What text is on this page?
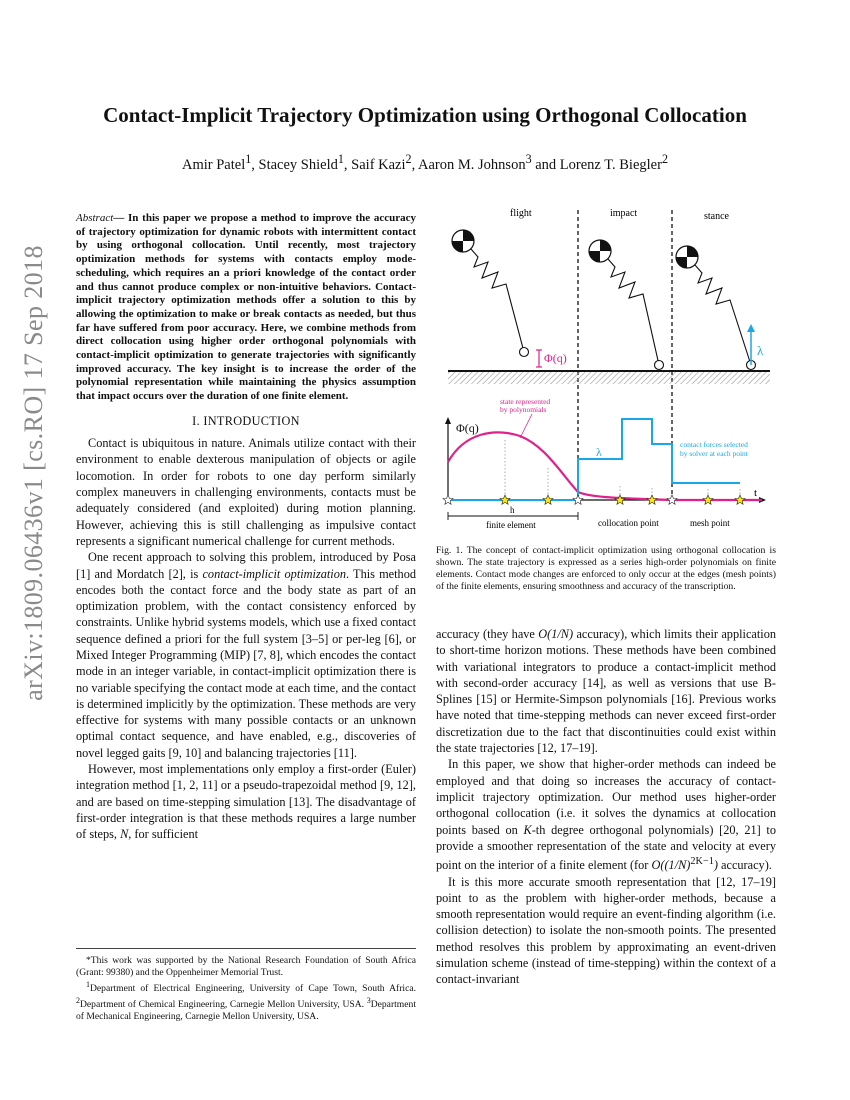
arXiv:1809.06436v1 [cs.RO] 17 Sep 2018
Contact-Implicit Trajectory Optimization using Orthogonal Collocation
Amir Patel$^1$, Stacey Shield$^1$, Saif Kazi$^2$, Aaron M. Johnson$^3$ and Lorenz T. Biegler$^2$
Abstract— In this paper we propose a method to improve the accuracy of trajectory optimization for dynamic robots with intermittent contact by using orthogonal collocation. Until recently, most trajectory optimization methods for systems with contacts employ mode-scheduling, which requires an a priori knowledge of the contact order and thus cannot produce complex or non-intuitive behaviors. Contact-implicit trajectory optimization methods offer a solution to this by allowing the optimization to make or break contacts as needed, but thus far have suffered from poor accuracy. Here, we combine methods from direct collocation using higher order orthogonal polynomials with contact-implicit optimization to generate trajectories with significantly improved accuracy. The key insight is to increase the order of the polynomial representation while maintaining the physics assumption that impact occurs over the duration of one finite element.
I. INTRODUCTION

Contact is ubiquitous in nature. Animals utilize contact with their environment to enable dexterous manipulation of objects or agile locomotion. In order for robots to one day perform similarly complex maneuvers in challenging environments, contacts must be adequately considered (and exploited) during motion planning. However, achieving this is still challenging as impulsive contact represents a significant numerical challenge for current methods.

One recent approach to solving this problem, introduced by Posa [1] and Mordatch [2], is contact-implicit optimization. This method encodes both the contact force and the body state as part of an optimization problem, with the contact consistency enforced by constraints. Unlike hybrid systems models, which use a fixed contact sequence defined a priori for the full system [3–5] or per-leg [6], or Mixed Integer Programming (MIP) [7, 8], which encodes the contact mode in an integer variable, in contact-implicit optimization there is no variable specifying the contact mode at each time, and the contact is determined implicitly by the optimization. These methods are very effective for systems with many possible contacts or an unknown optimal contact sequence, and have enabled, e.g., discoveries of novel legged gaits [9, 10] and balancing trajectories [11].

However, most implementations only employ a first-order (Euler) integration method [1, 2, 11] or a pseudo-trapezoidal method [9, 12], and are based on time-stepping simulation [13]. The disadvantage of first-order integration is that these methods requires a large number of steps, N, for sufficient

*This work was supported by the National Research Foundation of South Africa (Grant: 99380) and the Oppenheimer Memorial Trust.

$^1$Department of Electrical Engineering, University of Cape Town, South Africa. $^2$Department of Chemical Engineering, Carnegie Mellon University, USA. $^3$Department of Mechanical Engineering, Carnegie Mellon University, USA.

flight	impact	stance
Φ(q)	λ
t
Φ(q)
λ
state represented
by polynomials
contact forces selected
by solver at each point
h
finite element	collocation point	mesh point
Fig. 1. The concept of contact-implicit optimization using orthogonal collocation is shown. The state trajectory is expressed as a series high-order polynomials on finite elements. Contact mode changes are enforced to only occur at the edges (mesh points) of the finite elements, ensuring smoothness and accuracy of the transcription.

accuracy (they have O(1/N) accuracy), which limits their application to short-time horizon motions. These methods have been combined with variational integrators to produce a contact-implicit method with second-order accuracy [14], as well as versions that use B-Splines [15] or Hermite-Simpson polynomials [16]. Previous works have noted that time-stepping methods can never exceed first-order discretization due to the fact that discontinuities could exist within the state trajectories [12, 17–19].

In this paper, we show that higher-order methods can indeed be employed and that doing so increases the accuracy of contact-implicit trajectory optimization. Our method uses higher-order orthogonal collocation (i.e. it solves the dynamics at collocation points based on K-th degree orthogonal polynomials) [20, 21] to provide a smoother representation of the state and velocity at every point on the interior of a finite element (for $O((1/N)^{2K-1})$ accuracy).

It is this more accurate smooth representation that [12, 17–19] point to as the problem with higher-order methods, because a smooth representation would require an event-finding algorithm (i.e. collision detection) to isolate the non-smooth points. The presented method resolves this problem by approximating an event-driven simulation scheme (instead of time-stepping) within the context of a contact-invariant
